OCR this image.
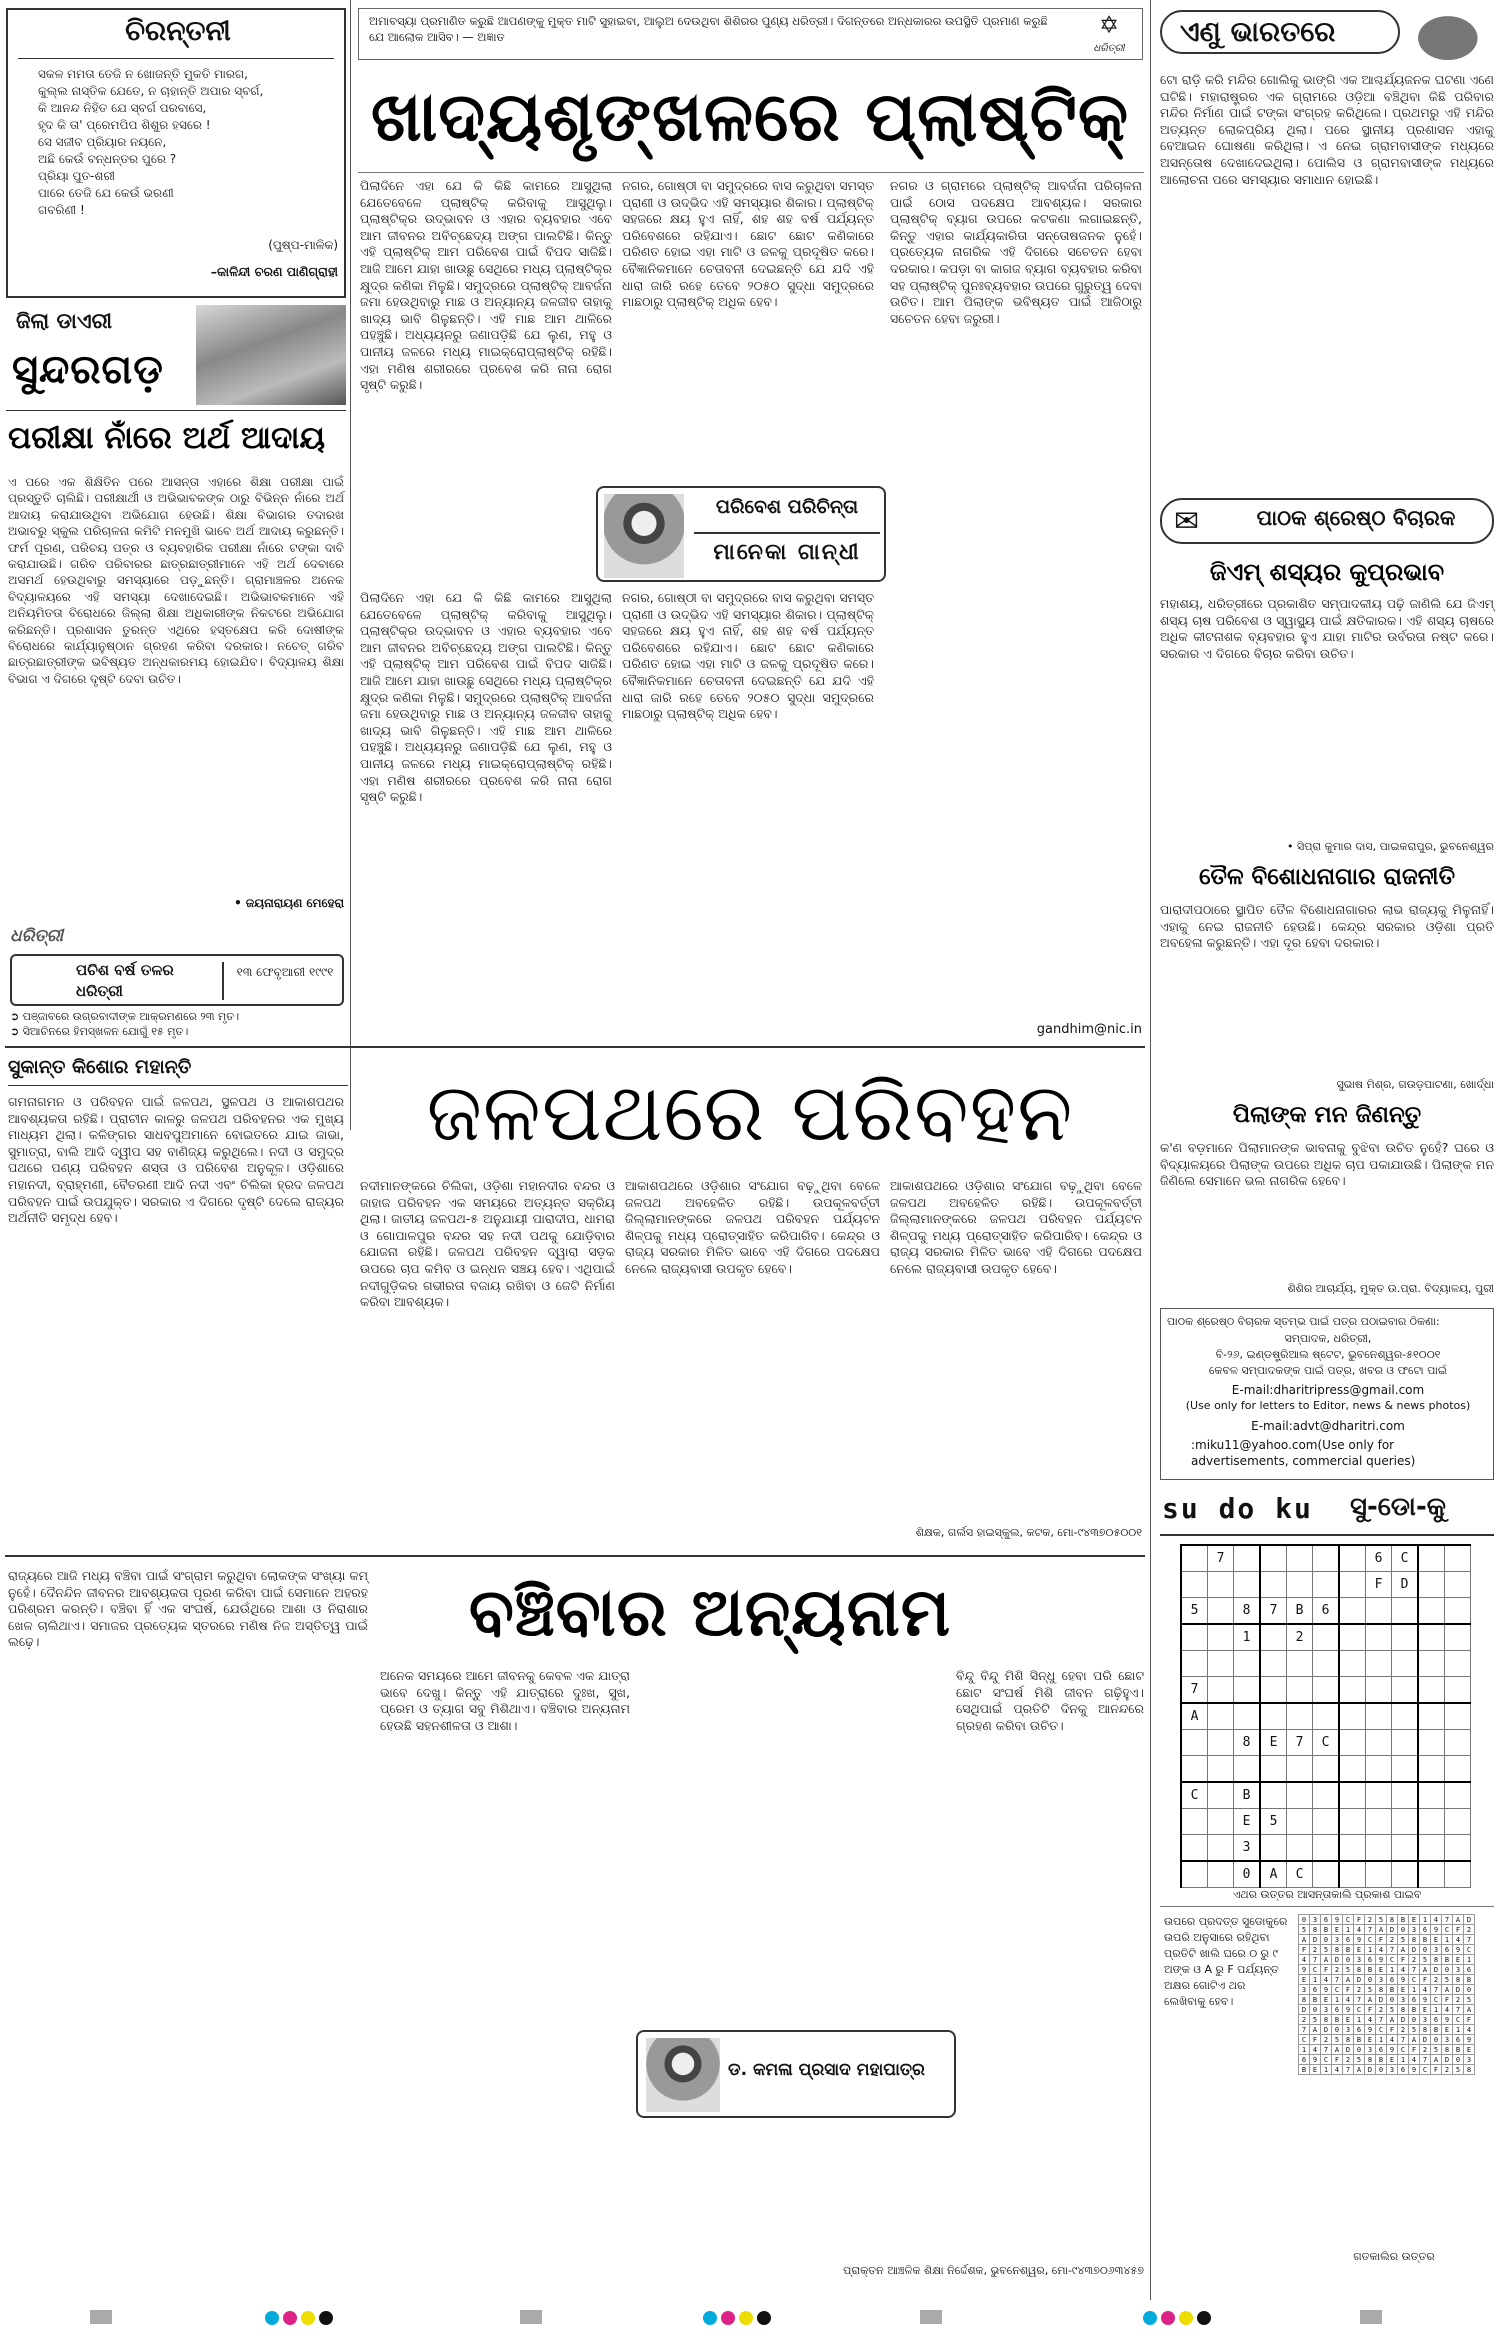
ଚିରନ୍ତନୀ
ସକଳ ମମତା ତେଜି ନ ଖୋଜନ୍ତି ମୁକତି ମାରଗ,
କୁଲ୍ଲ ନାସ୍ତିକ ଯେତେ, ନ ଚାହାନ୍ତି ଅପାର ସ୍ବର୍ଗ,
କି ଆନନ୍ଦ ନିହିତ ଯେ ସ୍ବର୍ଗ ପରବାସେ,
ହୃଦ କି ତା' ପ୍ରେମପିପ ଶିଶୁର ହସରେ !
ସେ ସଜୀବ ପ୍ରିୟାର ନୟନେ,
ଅଛି କେଉଁ ବନ୍ଧନ୍ତର ପୁରେ ?
ପ୍ରିୟା ପୁତ-ଶରୀ
ପାରେ ତେଜି ଯେ କେଉଁ ଭରଣୀ
ଗବରିଣୀ !
(ପୁଷ୍ପ-ମାଳିକ)
–କାଳିନ୍ଦୀ ଚରଣ ପାଣିଗ୍ରାହୀ
ଜିଲା ଡାଏରୀ
ସୁନ୍ଦରଗଡ଼
ପରୀକ୍ଷା ନାଁରେ ଅର୍ଥ ଆଦାୟ
ଏ ପରେ ଏକ ଶିକ୍ଷିତିନ ପରେ ଆସନ୍ତା ଏହାରେ ଶିକ୍ଷା ପରୀକ୍ଷା ପାଇଁ ପ୍ରସ୍ତୁତି ଚାଲିଛି। ପରୀକ୍ଷାର୍ଥୀ ଓ ଅଭିଭାବକଙ୍କ ଠାରୁ ବିଭିନ୍ନ ନାଁରେ ଅର୍ଥ ଆଦାୟ କରାଯାଉଥିବା ଅଭିଯୋଗ ହେଉଛି। ଶିକ୍ଷା ବିଭାଗର ତଦାରଖ ଅଭାବରୁ ସ୍କୁଲ ପରିଚାଳନା କମିଟି ମନମୁଖି ଭାବେ ଅର୍ଥ ଆଦାୟ କରୁଛନ୍ତି। ଫର୍ମ ପୂରଣ, ପରିଚୟ ପତ୍ର ଓ ବ୍ୟବହାରିକ ପରୀକ୍ଷା ନାଁରେ ଟଙ୍କା ଦାବି କରାଯାଉଛି। ଗରିବ ପରିବାରର ଛାତ୍ରଛାତ୍ରୀମାନେ ଏହି ଅର୍ଥ ଦେବାରେ ଅସମର୍ଥ ହେଉଥିବାରୁ ସମସ୍ୟାରେ ପଡ଼ୁଛନ୍ତି। ଗ୍ରାମାଞ୍ଚଳର ଅନେକ ବିଦ୍ୟାଳୟରେ ଏହି ସମସ୍ୟା ଦେଖାଦେଇଛି। ଅଭିଭାବକମାନେ ଏହି ଅନିୟମିତତା ବିରୋଧରେ ଜିଲ୍ଲା ଶିକ୍ଷା ଅଧିକାରୀଙ୍କ ନିକଟରେ ଅଭିଯୋଗ କରିଛନ୍ତି। ପ୍ରଶାସନ ତୁରନ୍ତ ଏଥିରେ ହସ୍ତକ୍ଷେପ କରି ଦୋଷୀଙ୍କ ବିରୋଧରେ କାର୍ଯ୍ୟାନୁଷ୍ଠାନ ଗ୍ରହଣ କରିବା ଦରକାର। ନଚେତ୍ ଗରିବ ଛାତ୍ରଛାତ୍ରୀଙ୍କ ଭବିଷ୍ୟତ ଅନ୍ଧକାରମୟ ହୋଇଯିବ। ବିଦ୍ୟାଳୟ ଶିକ୍ଷା ବିଭାଗ ଏ ଦିଗରେ ଦୃଷ୍ଟି ଦେବା ଉଚିତ।
• ଜୟନାରାୟଣ ମେହେରା
ଧରିତ୍ରୀ
ପଚିଶ ବର୍ଷ ତଳର ଧରିତ୍ରୀ
୧୩ ଫେବୃଆରୀ ୧୯୯୧
➲ ପଞ୍ଜାବରେ ଉଗ୍ରବାଦୀଙ୍କ ଆକ୍ରମଣରେ ୨୩ ମୃତ।
➲ ସିଆଚିନରେ ହିମସ୍ଖଳନ ଯୋଗୁଁ ୧୫ ମୃତ।
ଅମାବସ୍ୟା ପ୍ରମାଣିତ କରୁଛି ଆପଣଙ୍କୁ ମୁକ୍ତ ମାଟି ସୁହାଇବା, ଆଲୁଅ ଦେଉଥିବା ଶିଶିରର ପୁଣ୍ୟ ଧରିତ୍ରୀ। ଦିଗନ୍ତରେ ଅନ୍ଧକାରର ଉପସ୍ଥିତି ପ୍ରମାଣ କରୁଛି ଯେ ଆଲୋକ ଆସିବ। — ଅଜ୍ଞାତ	✡
ଧରିତ୍ରୀ
ଖାଦ୍ୟଶୃଙ୍ଖଳରେ ପ୍ଲାଷ୍ଟିକ୍
ପିଲାଦିନେ ଏହା ଯେ କି କିଛି କାମରେ ଆସୁଥିଲା ଯେତେବେଳେ ପ୍ଲାଷ୍ଟିକ୍ କରିବାକୁ ଆସୁଥିଲୁ। ପ୍ଲାଷ୍ଟିକ୍ର ଉଦ୍ଭାବନ ଓ ଏହାର ବ୍ୟବହାର ଏବେ ଆମ ଜୀବନର ଅବିଚ୍ଛେଦ୍ୟ ଅଙ୍ଗ ପାଲଟିଛି। କିନ୍ତୁ ଏହି ପ୍ଲାଷ୍ଟିକ୍ ଆମ ପରିବେଶ ପାଇଁ ବିପଦ ସାଜିଛି। ଆଜି ଆମେ ଯାହା ଖାଉଛୁ ସେଥିରେ ମଧ୍ୟ ପ୍ଲାଷ୍ଟିକ୍ର କ୍ଷୁଦ୍ର କଣିକା ମିଳୁଛି। ସମୁଦ୍ରରେ ପ୍ଲାଷ୍ଟିକ୍ ଆବର୍ଜନା ଜମା ହେଉଥିବାରୁ ମାଛ ଓ ଅନ୍ୟାନ୍ୟ ଜଳଜୀବ ତାହାକୁ ଖାଦ୍ୟ ଭାବି ଗିଳୁଛନ୍ତି। ଏହି ମାଛ ଆମ ଥାଳିରେ ପହଞ୍ଚୁଛି। ଅଧ୍ୟୟନରୁ ଜଣାପଡ଼ିଛି ଯେ ଲୁଣ, ମହୁ ଓ ପାନୀୟ ଜଳରେ ମଧ୍ୟ ମାଇକ୍ରୋପ୍ଲାଷ୍ଟିକ୍ ରହିଛି। ଏହା ମଣିଷ ଶରୀରରେ ପ୍ରବେଶ କରି ନାନା ରୋଗ ସୃଷ୍ଟି କରୁଛି।
ପରିବେଶ ପରିଚିନ୍ତା
ମାନେକା ଗାନ୍ଧୀ
ପିଲାଦିନେ ଏହା ଯେ କି କିଛି କାମରେ ଆସୁଥିଲା ଯେତେବେଳେ ପ୍ଲାଷ୍ଟିକ୍ କରିବାକୁ ଆସୁଥିଲୁ। ପ୍ଲାଷ୍ଟିକ୍ର ଉଦ୍ଭାବନ ଓ ଏହାର ବ୍ୟବହାର ଏବେ ଆମ ଜୀବନର ଅବିଚ୍ଛେଦ୍ୟ ଅଙ୍ଗ ପାଲଟିଛି। କିନ୍ତୁ ଏହି ପ୍ଲାଷ୍ଟିକ୍ ଆମ ପରିବେଶ ପାଇଁ ବିପଦ ସାଜିଛି। ଆଜି ଆମେ ଯାହା ଖାଉଛୁ ସେଥିରେ ମଧ୍ୟ ପ୍ଲାଷ୍ଟିକ୍ର କ୍ଷୁଦ୍ର କଣିକା ମିଳୁଛି। ସମୁଦ୍ରରେ ପ୍ଲାଷ୍ଟିକ୍ ଆବର୍ଜନା ଜମା ହେଉଥିବାରୁ ମାଛ ଓ ଅନ୍ୟାନ୍ୟ ଜଳଜୀବ ତାହାକୁ ଖାଦ୍ୟ ଭାବି ଗିଳୁଛନ୍ତି। ଏହି ମାଛ ଆମ ଥାଳିରେ ପହଞ୍ଚୁଛି। ଅଧ୍ୟୟନରୁ ଜଣାପଡ଼ିଛି ଯେ ଲୁଣ, ମହୁ ଓ ପାନୀୟ ଜଳରେ ମଧ୍ୟ ମାଇକ୍ରୋପ୍ଲାଷ୍ଟିକ୍ ରହିଛି। ଏହା ମଣିଷ ଶରୀରରେ ପ୍ରବେଶ କରି ନାନା ରୋଗ ସୃଷ୍ଟି କରୁଛି।
ନଗର, ଗୋଷ୍ଠୀ ବା ସମୁଦ୍ରରେ ବାସ କରୁଥିବା ସମସ୍ତ ପ୍ରାଣୀ ଓ ଉଦ୍ଭିଦ ଏହି ସମସ୍ୟାର ଶିକାର। ପ୍ଲାଷ୍ଟିକ୍ ସହଜରେ କ୍ଷୟ ହୁଏ ନାହିଁ, ଶହ ଶହ ବର୍ଷ ପର୍ଯ୍ୟନ୍ତ ପରିବେଶରେ ରହିଯାଏ। ଛୋଟ ଛୋଟ କଣିକାରେ ପରିଣତ ହୋଇ ଏହା ମାଟି ଓ ଜଳକୁ ପ୍ରଦୂଷିତ କରେ। ବୈଜ୍ଞାନିକମାନେ ଚେତାବନୀ ଦେଇଛନ୍ତି ଯେ ଯଦି ଏହି ଧାରା ଜାରି ରହେ ତେବେ ୨୦୫୦ ସୁଦ୍ଧା ସମୁଦ୍ରରେ ମାଛଠାରୁ ପ୍ଲାଷ୍ଟିକ୍ ଅଧିକ ହେବ।
ନଗର, ଗୋଷ୍ଠୀ ବା ସମୁଦ୍ରରେ ବାସ କରୁଥିବା ସମସ୍ତ ପ୍ରାଣୀ ଓ ଉଦ୍ଭିଦ ଏହି ସମସ୍ୟାର ଶିକାର। ପ୍ଲାଷ୍ଟିକ୍ ସହଜରେ କ୍ଷୟ ହୁଏ ନାହିଁ, ଶହ ଶହ ବର୍ଷ ପର୍ଯ୍ୟନ୍ତ ପରିବେଶରେ ରହିଯାଏ। ଛୋଟ ଛୋଟ କଣିକାରେ ପରିଣତ ହୋଇ ଏହା ମାଟି ଓ ଜଳକୁ ପ୍ରଦୂଷିତ କରେ। ବୈଜ୍ଞାନିକମାନେ ଚେତାବନୀ ଦେଇଛନ୍ତି ଯେ ଯଦି ଏହି ଧାରା ଜାରି ରହେ ତେବେ ୨୦୫୦ ସୁଦ୍ଧା ସମୁଦ୍ରରେ ମାଛଠାରୁ ପ୍ଲାଷ୍ଟିକ୍ ଅଧିକ ହେବ।
ନଗର ଓ ଗ୍ରାମରେ ପ୍ଲାଷ୍ଟିକ୍ ଆବର୍ଜନା ପରିଚାଳନା ପାଇଁ ଠୋସ ପଦକ୍ଷେପ ଆବଶ୍ୟକ। ସରକାର ପ୍ଲାଷ୍ଟିକ୍ ବ୍ୟାଗ ଉପରେ କଟକଣା ଲଗାଇଛନ୍ତି, କିନ୍ତୁ ଏହାର କାର୍ଯ୍ୟକାରିତା ସନ୍ତୋଷଜନକ ନୁହେଁ। ପ୍ରତ୍ୟେକ ନାଗରିକ ଏହି ଦିଗରେ ସଚେତନ ହେବା ଦରକାର। କପଡ଼ା ବା କାଗଜ ବ୍ୟାଗ ବ୍ୟବହାର କରିବା ସହ ପ୍ଲାଷ୍ଟିକ୍ ପୁନଃବ୍ୟବହାର ଉପରେ ଗୁରୁତ୍ୱ ଦେବା ଉଚିତ। ଆମ ପିଲାଙ୍କ ଭବିଷ୍ୟତ ପାଇଁ ଆଜିଠାରୁ ସଚେତନ ହେବା ଜରୁରୀ।
gandhim@nic.in
ସୁକାନ୍ତ କିଶୋର ମହାନ୍ତି	ଜଳପଥରେ ପରିବହନ
ଗମନାଗମନ ଓ ପରିବହନ ପାଇଁ ଜଳପଥ, ସ୍ଥଳପଥ ଓ ଆକାଶପଥର ଆବଶ୍ୟକତା ରହିଛି। ପ୍ରାଚୀନ କାଳରୁ ଜଳପଥ ପରିବହନର ଏକ ମୁଖ୍ୟ ମାଧ୍ୟମ ଥିଲା। କଳିଙ୍ଗର ସାଧବପୁଅମାନେ ବୋଇତରେ ଯାଇ ଜାଭା, ସୁମାତ୍ରା, ବାଲି ଆଦି ଦ୍ୱୀପ ସହ ବାଣିଜ୍ୟ କରୁଥିଲେ। ନଦୀ ଓ ସମୁଦ୍ର ପଥରେ ପଣ୍ୟ ପରିବହନ ଶସ୍ତା ଓ ପରିବେଶ ଅନୁକୂଳ। ଓଡ଼ିଶାରେ ମହାନଦୀ, ବ୍ରାହ୍ମଣୀ, ବୈତରଣୀ ଆଦି ନଦୀ ଏବଂ ଚିଲିକା ହ୍ରଦ ଜଳପଥ ପରିବହନ ପାଇଁ ଉପଯୁକ୍ତ। ସରକାର ଏ ଦିଗରେ ଦୃଷ୍ଟି ଦେଲେ ରାଜ୍ୟର ଅର୍ଥନୀତି ସମୃଦ୍ଧ ହେବ।
ନଦୀମାନଙ୍କରେ ଚିଲିକା, ଓଡ଼ିଶା ମହାନଦୀର ବନ୍ଦର ଓ ଜାହାଜ ପରିବହନ ଏକ ସମୟରେ ଅତ୍ୟନ୍ତ ସକ୍ରିୟ ଥିଲା। ଜାତୀୟ ଜଳପଥ-୫ ଅନୁଯାୟୀ ପାରାଦୀପ, ଧାମରା ଓ ଗୋପାଳପୁର ବନ୍ଦର ସହ ନଦୀ ପଥକୁ ଯୋଡ଼ିବାର ଯୋଜନା ରହିଛି। ଜଳପଥ ପରିବହନ ଦ୍ୱାରା ସଡ଼କ ଉପରେ ଚାପ କମିବ ଓ ଇନ୍ଧନ ସଞ୍ଚୟ ହେବ। ଏଥିପାଇଁ ନଦୀଗୁଡ଼ିକର ଗଭୀରତା ବଜାୟ ରଖିବା ଓ ଜେଟି ନିର୍ମାଣ କରିବା ଆବଶ୍ୟକ।
ଆକାଶପଥରେ ଓଡ଼ିଶାର ସଂଯୋଗ ବଢ଼ୁଥିବା ବେଳେ ଜଳପଥ ଅବହେଳିତ ରହିଛି। ଉପକୂଳବର୍ତ୍ତୀ ଜିଲ୍ଲାମାନଙ୍କରେ ଜଳପଥ ପରିବହନ ପର୍ଯ୍ୟଟନ ଶିଳ୍ପକୁ ମଧ୍ୟ ପ୍ରୋତ୍ସାହିତ କରିପାରିବ। କେନ୍ଦ୍ର ଓ ରାଜ୍ୟ ସରକାର ମିଳିତ ଭାବେ ଏହି ଦିଗରେ ପଦକ୍ଷେପ ନେଲେ ରାଜ୍ୟବାସୀ ଉପକୃତ ହେବେ।
ଆକାଶପଥରେ ଓଡ଼ିଶାର ସଂଯୋଗ ବଢ଼ୁଥିବା ବେଳେ ଜଳପଥ ଅବହେଳିତ ରହିଛି। ଉପକୂଳବର୍ତ୍ତୀ ଜିଲ୍ଲାମାନଙ୍କରେ ଜଳପଥ ପରିବହନ ପର୍ଯ୍ୟଟନ ଶିଳ୍ପକୁ ମଧ୍ୟ ପ୍ରୋତ୍ସାହିତ କରିପାରିବ। କେନ୍ଦ୍ର ଓ ରାଜ୍ୟ ସରକାର ମିଳିତ ଭାବେ ଏହି ଦିଗରେ ପଦକ୍ଷେପ ନେଲେ ରାଜ୍ୟବାସୀ ଉପକୃତ ହେବେ।
ଶିକ୍ଷକ, ଗର୍ଲସ ହାଇସ୍କୁଲ, କଟକ, ମୋ-୯୪୩୭୦୫୦୦୧
ବଞ୍ଚିବାର ଅନ୍ୟନାମ
ରାଜ୍ୟରେ ଆଜି ମଧ୍ୟ ବଞ୍ଚିବା ପାଇଁ ସଂଗ୍ରାମ କରୁଥିବା ଲୋକଙ୍କ ସଂଖ୍ୟା କମ୍ ନୁହେଁ। ଦୈନନ୍ଦିନ ଜୀବନର ଆବଶ୍ୟକତା ପୂରଣ କରିବା ପାଇଁ ସେମାନେ ଅହରହ ପରିଶ୍ରମ କରନ୍ତି। ବଞ୍ଚିବା ହିଁ ଏକ ସଂଘର୍ଷ, ଯେଉଁଥିରେ ଆଶା ଓ ନିରାଶାର ଖେଳ ଚାଲିଥାଏ। ସମାଜର ପ୍ରତ୍ୟେକ ସ୍ତରରେ ମଣିଷ ନିଜ ଅସ୍ତିତ୍ୱ ପାଇଁ ଲଢ଼େ।
ଅନେକ ସମୟରେ ଆମେ ଜୀବନକୁ କେବଳ ଏକ ଯାତ୍ରା ଭାବେ ଦେଖୁ। କିନ୍ତୁ ଏହି ଯାତ୍ରାରେ ଦୁଃଖ, ସୁଖ, ପ୍ରେମ ଓ ତ୍ୟାଗ ସବୁ ମିଶିଥାଏ। ବଞ୍ଚିବାର ଅନ୍ୟନାମ ହେଉଛି ସହନଶୀଳତା ଓ ଆଶା।
ଡ. କମଳା ପ୍ରସାଦ ମହାପାତ୍ର
ବିନ୍ଦୁ ବିନ୍ଦୁ ମିଶି ସିନ୍ଧୁ ହେବା ପରି ଛୋଟ ଛୋଟ ସଂଘର୍ଷ ମିଶି ଜୀବନ ଗଢ଼ିହୁଏ। ସେଥିପାଇଁ ପ୍ରତିଟି ଦିନକୁ ଆନନ୍ଦରେ ଗ୍ରହଣ କରିବା ଉଚିତ।
ପ୍ରାକ୍ତନ ଆଞ୍ଚଳିକ ଶିକ୍ଷା ନିର୍ଦ୍ଦେଶକ, ଭୁବନେଶ୍ୱର, ମୋ-୯୪୩୭୦୬୩୪୫୭
ଏଣୁ ଭାରତରେ
ଟୋ ରାଡ଼ି କରି ମନ୍ଦିର ଗୋଲିକୁ ଭାଙ୍ଗି ଏକ ଆଶ୍ଚର୍ଯ୍ୟଜନକ ଘଟଣା ଏଣେ ଘଟିଛି। ମହାରାଷ୍ଟ୍ରର ଏକ ଗ୍ରାମରେ ଓଡ଼ିଆ ବଞ୍ଚିଥିବା କିଛି ପରିବାର ମନ୍ଦିର ନିର୍ମାଣ ପାଇଁ ଟଙ୍କା ସଂଗ୍ରହ କରିଥିଲେ। ପ୍ରଥମରୁ ଏହି ମନ୍ଦିର ଅତ୍ୟନ୍ତ ଲୋକପ୍ରିୟ ଥିଲା। ପରେ ସ୍ଥାନୀୟ ପ୍ରଶାସନ ଏହାକୁ ବେଆଇନ ଘୋଷଣା କରିଥିଲା। ଏ ନେଇ ଗ୍ରାମବାସୀଙ୍କ ମଧ୍ୟରେ ଅସନ୍ତୋଷ ଦେଖାଦେଇଥିଲା। ପୋଲିସ ଓ ଗ୍ରାମବାସୀଙ୍କ ମଧ୍ୟରେ ଆଲୋଚନା ପରେ ସମସ୍ୟାର ସମାଧାନ ହୋଇଛି।
✉	ପାଠକ ଶ୍ରେଷ୍ଠ ବିଚାରକ
ଜିଏମ୍ ଶସ୍ୟର କୁପ୍ରଭାବ
ମହାଶୟ, ଧରିତ୍ରୀରେ ପ୍ରକାଶିତ ସମ୍ପାଦକୀୟ ପଢ଼ି ଜାଣିଲି ଯେ ଜିଏମ୍ ଶସ୍ୟ ଚାଷ ପରିବେଶ ଓ ସ୍ୱାସ୍ଥ୍ୟ ପାଇଁ କ୍ଷତିକାରକ। ଏହି ଶସ୍ୟ ଚାଷରେ ଅଧିକ କୀଟନାଶକ ବ୍ୟବହାର ହୁଏ ଯାହା ମାଟିର ଉର୍ବରତା ନଷ୍ଟ କରେ। ସରକାର ଏ ଦିଗରେ ବିଚାର କରିବା ଉଚିତ।
• ସିପ୍ରା କୁମାର ଦାସ, ପାଇକରାପୁର, ଭୁବନେଶ୍ୱର
ତୈଳ ବିଶୋଧନାଗାର ରାଜନୀତି
ପାରାଦୀପଠାରେ ସ୍ଥାପିତ ତୈଳ ବିଶୋଧନାଗାରର ଲାଭ ରାଜ୍ୟକୁ ମିଳୁନାହିଁ। ଏହାକୁ ନେଇ ରାଜନୀତି ହେଉଛି। କେନ୍ଦ୍ର ସରକାର ଓଡ଼ିଶା ପ୍ରତି ଅବହେଳା କରୁଛନ୍ତି। ଏହା ଦୂର ହେବା ଦରକାର।
ସୁଭାଷ ମିଶ୍ର, ଗଉଡ଼ପାଟଣା, ଖୋର୍ଦ୍ଧା
ପିଲାଙ୍କ ମନ ଜିଣନ୍ତୁ
କ'ଣ ବଡ଼ମାନେ ପିଲାମାନଙ୍କ ଭାବନାକୁ ବୁଝିବା ଉଚିତ ନୁହେଁ? ଘରେ ଓ ବିଦ୍ୟାଳୟରେ ପିଲାଙ୍କ ଉପରେ ଅଧିକ ଚାପ ପକାଯାଉଛି। ପିଲାଙ୍କ ମନ ଜିଣିଲେ ସେମାନେ ଭଲ ନାଗରିକ ହେବେ।
ଶିଶିର ଆଚାର୍ଯ୍ୟ, ମୁକ୍ତ ଉ.ପ୍ରା. ବିଦ୍ୟାଳୟ, ପୁରୀ
ପାଠକ ଶ୍ରେଷ୍ଠ ବିଚାରକ ସ୍ତମ୍ଭ ପାଇଁ ପତ୍ର ପଠାଇବାର ଠିକଣା:
ସମ୍ପାଦକ, ଧରିତ୍ରୀ,
ବି-୨୬, ଇଣ୍ଡଷ୍ଟ୍ରିଆଲ ଷ୍ଟେଟ, ଭୁବନେଶ୍ୱର-୫୧୦୦୧
କେବଳ ସମ୍ପାଦକଙ୍କ ପାଇଁ ପତ୍ର, ଖବର ଓ ଫଟୋ ପାଇଁ
E-mail:dharitripress@gmail.com
(Use only for letters to Editor, news & news photos)
E-mail:advt@dharitri.com
:miku11@yahoo.com(Use only for advertisements, commercial queries)
su do ku	ସୁ-ଡୋ-କୁ
	7						6	C		
							F	D		
5		8	7	B	6					
		1		2						

7										
A										
		8	E	7	C					

C		B								
		E	5							
		3								
		0	A	C						
ଏଥର ଉତ୍ତର ଆସନ୍ତାକାଲି ପ୍ରକାଶ ପାଇବ
ଉପରେ ପ୍ରଦତ୍ତ ସୁଡୋକୁରେ ଉପରି ଅନୁସାରେ ରହିଥିବା ପ୍ରତିଟି ଖାଲି ଘରେ ୦ ରୁ ୯ ଅଙ୍କ ଓ A ରୁ F ପର୍ଯ୍ୟନ୍ତ ଅକ୍ଷର ଗୋଟିଏ ଥର ଲେଖିବାକୁ ହେବ।
0	3	6	9	C	F	2	5	8	B	E	1	4	7	A	D
5	8	B	E	1	4	7	A	D	0	3	6	9	C	F	2
A	D	0	3	6	9	C	F	2	5	8	B	E	1	4	7
F	2	5	8	B	E	1	4	7	A	D	0	3	6	9	C
4	7	A	D	0	3	6	9	C	F	2	5	8	B	E	1
9	C	F	2	5	8	B	E	1	4	7	A	D	0	3	6
E	1	4	7	A	D	0	3	6	9	C	F	2	5	8	B
3	6	9	C	F	2	5	8	B	E	1	4	7	A	D	0
8	B	E	1	4	7	A	D	0	3	6	9	C	F	2	5
D	0	3	6	9	C	F	2	5	8	B	E	1	4	7	A
2	5	8	B	E	1	4	7	A	D	0	3	6	9	C	F
7	A	D	0	3	6	9	C	F	2	5	8	B	E	1	4
C	F	2	5	8	B	E	1	4	7	A	D	0	3	6	9
1	4	7	A	D	0	3	6	9	C	F	2	5	8	B	E
6	9	C	F	2	5	8	B	E	1	4	7	A	D	0	3
B	E	1	4	7	A	D	0	3	6	9	C	F	2	5	8
ଗତକାଲିର ଉତ୍ତର
